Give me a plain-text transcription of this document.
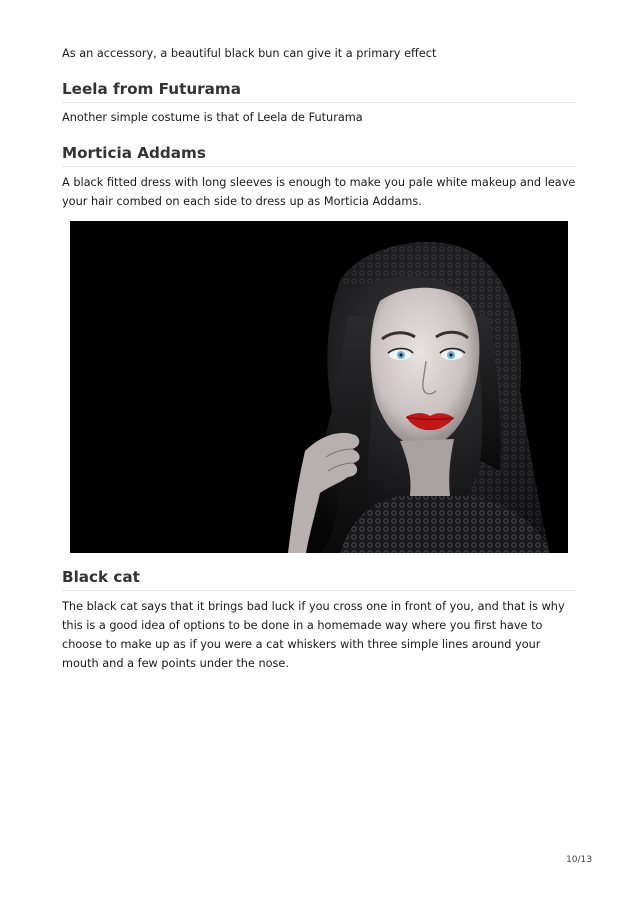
As an accessory, a beautiful black bun can give it a primary effect

Leela from Futurama

Another simple costume is that of Leela de Futurama

Morticia Addams

A black fitted dress with long sleeves is enough to make you pale white makeup and leave your hair combed on each side to dress up as Morticia Addams.

Black cat

The black cat says that it brings bad luck if you cross one in front of you, and that is why this is a good idea of options to be done in a homemade way where you first have to choose to make up as if you were a cat whiskers with three simple lines around your mouth and a few points under the nose.

10/13
